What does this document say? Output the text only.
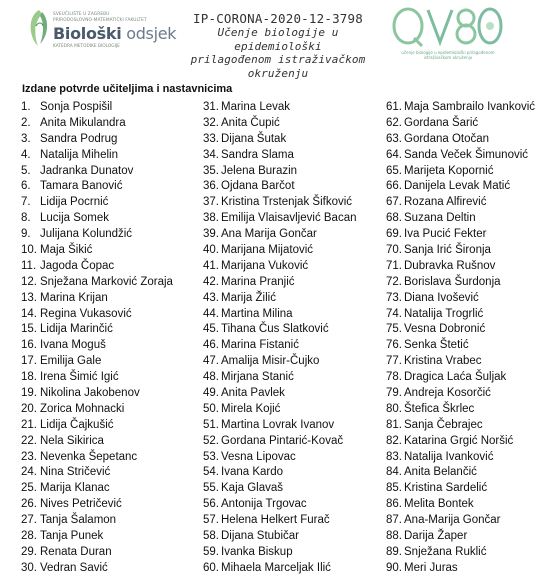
SVEUČILIŠTE U ZAGREBU
PRIRODOSLOVNO-MATEMATIČKI FAKULTET
Biološki odsjek
KATEDRA METODIKE BIOLOGIJE
IP-CORONA-2020-12-3798
Učenje biologije u epidemiološki
prilagođenom istraživačkom okruženju
učenje biologije u epidemiološki prilagođenom istraživačkom okruženju
Izdane potvrde učiteljima i nastavnicima
1. Sonja Pospišil
2. Anita Mikulandra
3. Sandra Podrug
4. Natalija Mihelin
5. Jadranka Dunatov
6. Tamara Banović
7. Lidija Pocrnić
8. Lucija Somek
9. Julijana Kolundžić
10. Maja Šikić
11. Jagoda Čopac
12. Snježana Marković Zoraja
13. Marina Krijan
14. Regina Vukasović
15. Lidija Marinčić
16. Ivana Moguš
17. Emilija Gale
18. Irena Šimić Igić
19. Nikolina Jakobenov
20. Zorica Mohnacki
21. Lidija Čajkušić
22. Nela Sikirica
23. Nevenka Šepetanc
24. Nina Stričević
25. Marija Klanac
26. Nives Petričević
27. Tanja Šalamon
28. Tanja Punek
29. Renata Duran
30. Vedran Savić
31. Marina Levak
32. Anita Čupić
33. Dijana Šutak
34. Sandra Slama
35. Jelena Burazin
36. Ojdana Barčot
37. Kristina Trstenjak Šifković
38. Emilija Vlaisavljević Bacan
39. Ana Marija Gončar
40. Marijana Mijatović
41. Marijana Vuković
42. Marina Pranjić
43. Marija Žilić
44. Martina Milina
45. Tihana Čus Slatković
46. Marina Fistanić
47. Amalija Misir-Čujko
48. Mirjana Stanić
49. Anita Pavlek
50. Mirela Kojić
51. Martina Lovrak Ivanov
52. Gordana Pintarić-Kovač
53. Vesna Lipovac
54. Ivana Kardo
55. Kaja Glavaš
56. Antonija Trgovac
57. Helena Helkert Furač
58. Dijana Stubičar
59. Ivanka Biskup
60. Mihaela Marceljak Ilić
61. Maja Sambrailo Ivanković
62. Gordana Šarić
63. Gordana Otočan
64. Sanda Veček Šimunović
65. Marijeta Kopornić
66. Danijela Levak Matić
67. Rozana Alfirević
68. Suzana Deltin
69. Iva Pucić Fekter
70. Sanja Irić Šironja
71. Dubravka Rušnov
72. Borislava Šurdonja
73. Diana Ivošević
74. Natalija Trogrlić
75. Vesna Dobronić
76. Senka Štetić
77. Kristina Vrabec
78. Dragica Laća Šuljak
79. Andreja Kosorčić
80. Štefica Škrlec
81. Sanja Čebrajec
82. Katarina Grgić Noršić
83. Natalija Ivanković
84. Anita Belančić
85. Kristina Sardelić
86. Melita Bontek
87. Ana-Marija Gončar
88. Darija Žaper
89. Snježana Ruklić
90. Meri Juras
